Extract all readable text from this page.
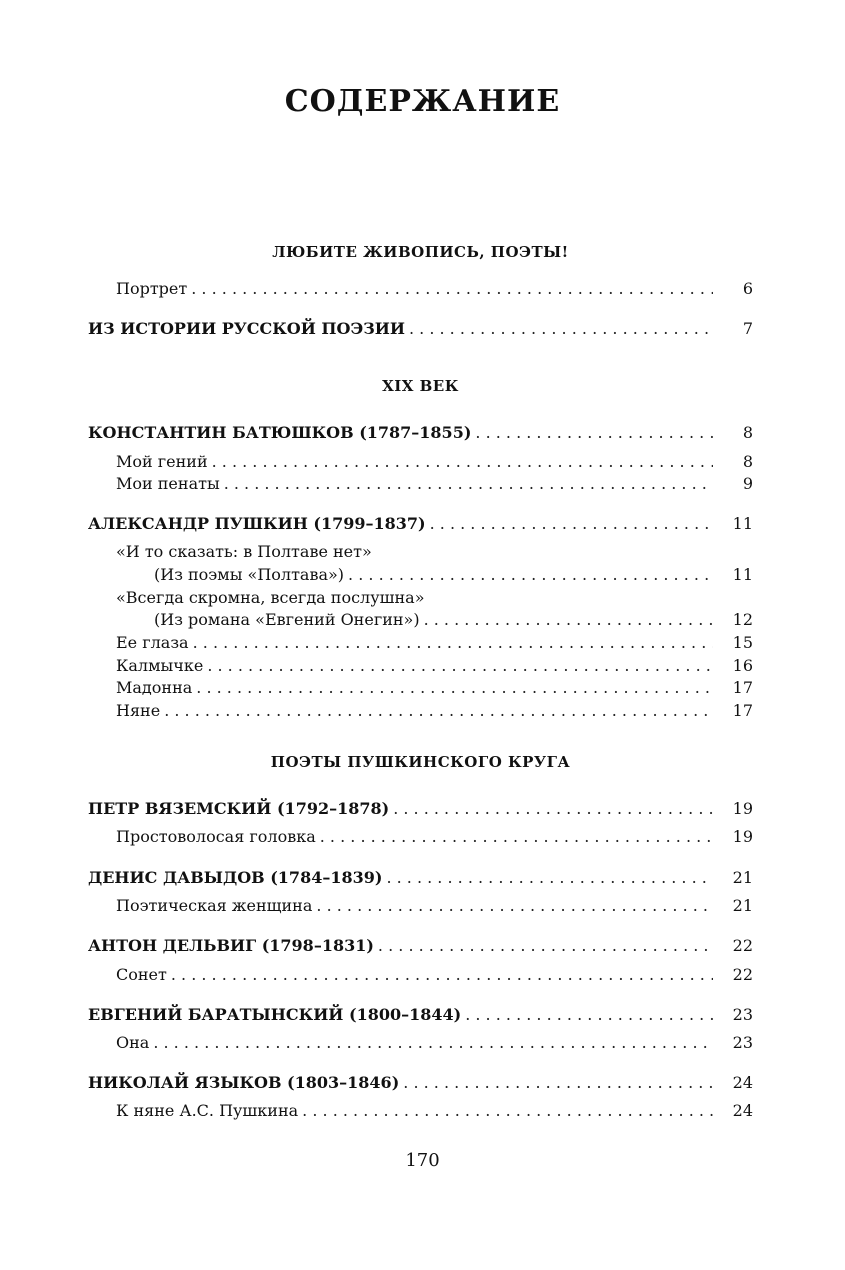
СОДЕРЖАНИЕ
ЛЮБИТЕ ЖИВОПИСЬ, ПОЭТЫ!
Портрет . . .	6
ИЗ ИСТОРИИ РУССКОЙ ПОЭЗИИ . . .	7
XIX ВЕК
КОНСТАНТИН БАТЮШКОВ (1787–1855) . . .	8
Мой гений . . .	8
Мои пенаты . . .	9
АЛЕКСАНДР ПУШКИН (1799–1837) . . .	11
«И то сказать: в Полтаве нет»
(Из поэмы «Полтава») . . .	11
«Всегда скромна, всегда послушна»
(Из романа «Евгений Онегин») . . .	12
Ее глаза . . .	15
Калмычке . . .	16
Мадонна . . .	17
Няне . . .	17
ПОЭТЫ ПУШКИНСКОГО КРУГА
ПЕТР ВЯЗЕМСКИЙ (1792–1878) . . .	19
Простоволосая головка . . .	19
ДЕНИС ДАВЫДОВ (1784–1839) . . .	21
Поэтическая женщина . . .	21
АНТОН ДЕЛЬВИГ (1798–1831) . . .	22
Сонет . . .	22
ЕВГЕНИЙ БАРАТЫНСКИЙ (1800–1844) . . .	23
Она . . .	23
НИКОЛАЙ ЯЗЫКОВ (1803–1846) . . .	24
К няне А.С. Пушкина . . .	24

170
